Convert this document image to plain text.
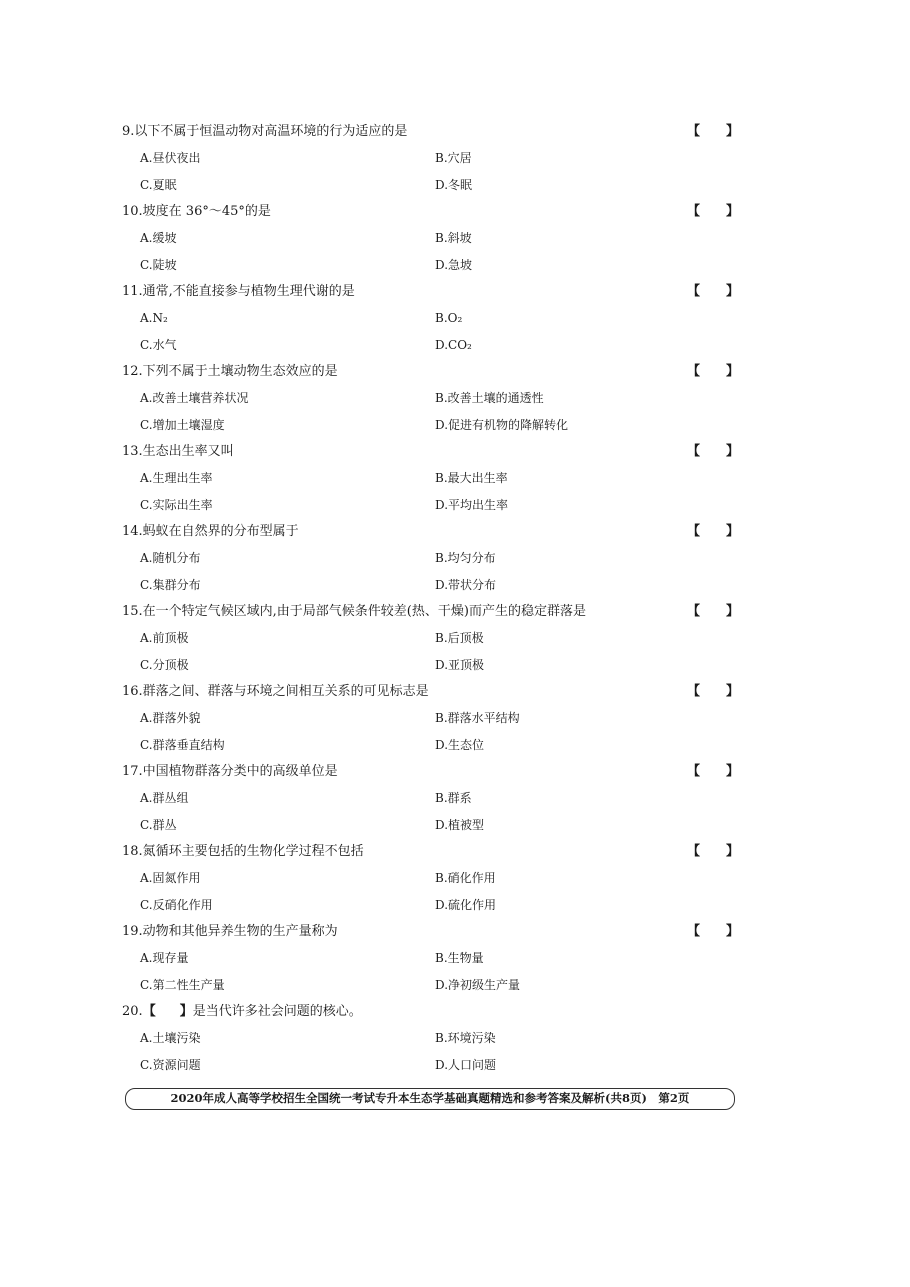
9.以下不属于恒温动物对高温环境的行为适应的是	【 】
A.昼伏夜出	B.穴居
C.夏眠	D.冬眠
10.坡度在 36°～45°的是	【 】
A.缓坡	B.斜坡
C.陡坡	D.急坡
11.通常,不能直接参与植物生理代谢的是	【 】
A.N₂	B.O₂
C.水气	D.CO₂
12.下列不属于土壤动物生态效应的是	【 】
A.改善土壤营养状况	B.改善土壤的通透性
C.增加土壤湿度	D.促进有机物的降解转化
13.生态出生率又叫	【 】
A.生理出生率	B.最大出生率
C.实际出生率	D.平均出生率
14.蚂蚁在自然界的分布型属于	【 】
A.随机分布	B.均匀分布
C.集群分布	D.带状分布
15.在一个特定气候区域内,由于局部气候条件较差(热、干燥)而产生的稳定群落是	【 】
A.前顶极	B.后顶极
C.分顶极	D.亚顶极
16.群落之间、群落与环境之间相互关系的可见标志是	【 】
A.群落外貌	B.群落水平结构
C.群落垂直结构	D.生态位
17.中国植物群落分类中的高级单位是	【 】
A.群丛组	B.群系
C.群丛	D.植被型
18.氮循环主要包括的生物化学过程不包括	【 】
A.固氮作用	B.硝化作用
C.反硝化作用	D.硫化作用
19.动物和其他异养生物的生产量称为	【 】
A.现存量	B.生物量
C.第二性生产量	D.净初级生产量
20.【 】是当代许多社会问题的核心。
A.土壤污染	B.环境污染
C.资源问题	D.人口问题
2020年成人高等学校招生全国统一考试专升本生态学基础真题精选和参考答案及解析(共8页)　第2页
